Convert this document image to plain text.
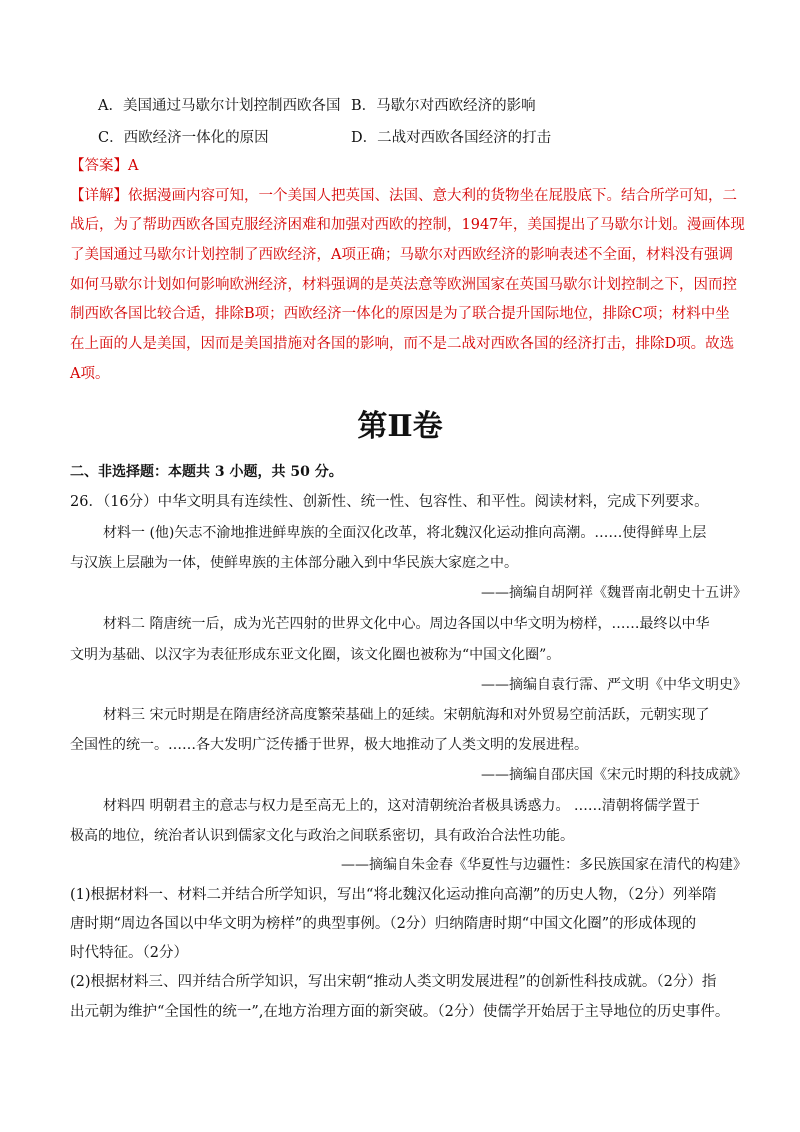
A．美国通过马歇尔计划控制西欧各国 B．马歇尔对西欧经济的影响
C．西欧经济一体化的原因	D．二战对西欧各国经济的打击
【答案】A
【详解】依据漫画内容可知，一个美国人把英国、法国、意大利的货物坐在屁股底下。结合所学可知，二
战后，为了帮助西欧各国克服经济困难和加强对西欧的控制，1947年，美国提出了马歇尔计划。漫画体现
了美国通过马歇尔计划控制了西欧经济，A项正确；马歇尔对西欧经济的影响表述不全面，材料没有强调
如何马歇尔计划如何影响欧洲经济，材料强调的是英法意等欧洲国家在英国马歇尔计划控制之下，因而控
制西欧各国比较合适，排除B项；西欧经济一体化的原因是为了联合提升国际地位，排除C项；材料中坐
在上面的人是美国，因而是美国措施对各国的影响，而不是二战对西欧各国的经济打击，排除D项。故选
A项。
第Ⅱ卷
二、非选择题：本题共 3 小题，共 50 分。
26．（16分）中华文明具有连续性、创新性、统一性、包容性、和平性。阅读材料，完成下列要求。
材料一 (他)矢志不渝地推进鲜卑族的全面汉化改革，将北魏汉化运动推向高潮。……使得鲜卑上层
与汉族上层融为一体，使鲜卑族的主体部分融入到中华民族大家庭之中。
——摘编自胡阿祥《魏晋南北朝史十五讲》
材料二 隋唐统一后，成为光芒四射的世界文化中心。周边各国以中华文明为榜样，……最终以中华
文明为基础、以汉字为表征形成东亚文化圈，该文化圈也被称为“中国文化圈”。
——摘编自袁行霈、严文明《中华文明史》
材料三 宋元时期是在隋唐经济高度繁荣基础上的延续。宋朝航海和对外贸易空前活跃，元朝实现了
全国性的统一。……各大发明广泛传播于世界，极大地推动了人类文明的发展进程。
——摘编自邵庆国《宋元时期的科技成就》
材料四 明朝君主的意志与权力是至高无上的，这对清朝统治者极具诱惑力。 ……清朝将儒学置于
极高的地位，统治者认识到儒家文化与政治之间联系密切，具有政治合法性功能。
——摘编自朱金春《华夏性与边疆性：多民族国家在清代的构建》
(1)根据材料一、材料二并结合所学知识，写出“将北魏汉化运动推向高潮”的历史人物，（2分）列举隋
唐时期“周边各国以中华文明为榜样”的典型事例。（2分）归纳隋唐时期“中国文化圈”的形成体现的
时代特征。（2分）
(2)根据材料三、四并结合所学知识，写出宋朝“推动人类文明发展进程”的创新性科技成就。（2分）指
出元朝为维护“全国性的统一”,在地方治理方面的新突破。（2分）使儒学开始居于主导地位的历史事件。
